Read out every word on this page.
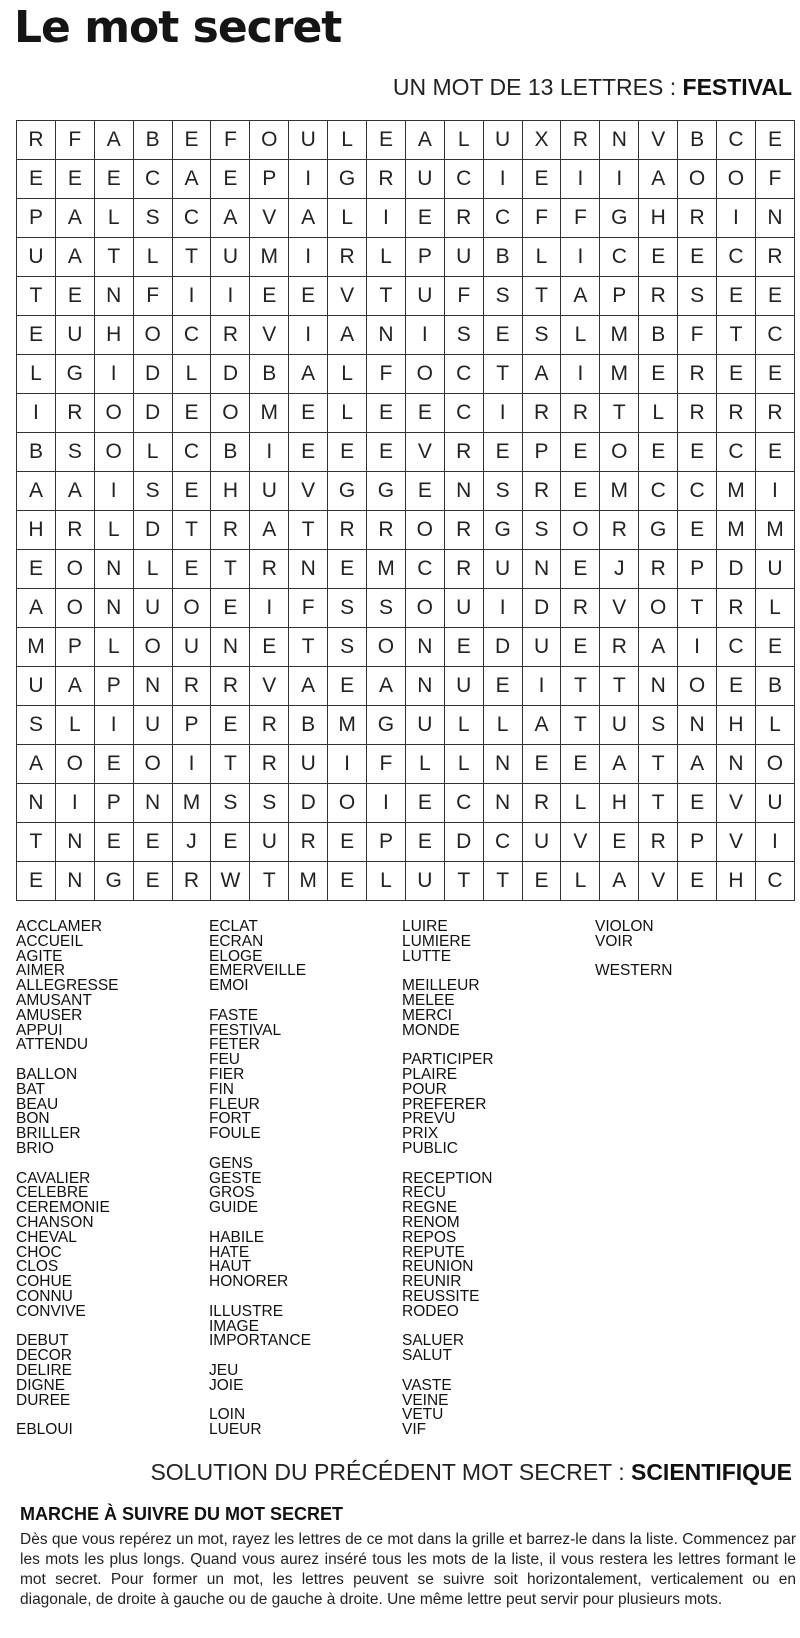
Le mot secret
UN MOT DE 13 LETTRES : FESTIVAL
R	F	A	B	E	F	O	U	L	E	A	L	U	X	R	N	V	B	C	E
E	E	E	C	A	E	P	I	G	R	U	C	I	E	I	I	A	O	O	F
P	A	L	S	C	A	V	A	L	I	E	R	C	F	F	G	H	R	I	N
U	A	T	L	T	U	M	I	R	L	P	U	B	L	I	C	E	E	C	R
T	E	N	F	I	I	E	E	V	T	U	F	S	T	A	P	R	S	E	E
E	U	H	O	C	R	V	I	A	N	I	S	E	S	L	M	B	F	T	C
L	G	I	D	L	D	B	A	L	F	O	C	T	A	I	M	E	R	E	E
I	R	O	D	E	O	M	E	L	E	E	C	I	R	R	T	L	R	R	R
B	S	O	L	C	B	I	E	E	E	V	R	E	P	E	O	E	E	C	E
A	A	I	S	E	H	U	V	G	G	E	N	S	R	E	M	C	C	M	I
H	R	L	D	T	R	A	T	R	R	O	R	G	S	O	R	G	E	M	M
E	O	N	L	E	T	R	N	E	M	C	R	U	N	E	J	R	P	D	U
A	O	N	U	O	E	I	F	S	S	O	U	I	D	R	V	O	T	R	L
M	P	L	O	U	N	E	T	S	O	N	E	D	U	E	R	A	I	C	E
U	A	P	N	R	R	V	A	E	A	N	U	E	I	T	T	N	O	E	B
S	L	I	U	P	E	R	B	M	G	U	L	L	A	T	U	S	N	H	L
A	O	E	O	I	T	R	U	I	F	L	L	N	E	E	A	T	A	N	O
N	I	P	N	M	S	S	D	O	I	E	C	N	R	L	H	T	E	V	U
T	N	E	E	J	E	U	R	E	P	E	D	C	U	V	E	R	P	V	I
E	N	G	E	R	W	T	M	E	L	U	T	T	E	L	A	V	E	H	C
ACCLAMER
ACCUEIL
AGITE
AIMER
ALLEGRESSE
AMUSANT
AMUSER
APPUI
ATTENDU
BALLON
BAT
BEAU
BON
BRILLER
BRIO
CAVALIER
CELEBRE
CEREMONIE
CHANSON
CHEVAL
CHOC
CLOS
COHUE
CONNU
CONVIVE
DEBUT
DECOR
DELIRE
DIGNE
DUREE
EBLOUI
ECLAT
ECRAN
ELOGE
EMERVEILLE
EMOI
FASTE
FESTIVAL
FETER
FEU
FIER
FIN
FLEUR
FORT
FOULE
GENS
GESTE
GROS
GUIDE
HABILE
HATE
HAUT
HONORER
ILLUSTRE
IMAGE
IMPORTANCE
JEU
JOIE
LOIN
LUEUR
LUIRE
LUMIERE
LUTTE
MEILLEUR
MELEE
MERCI
MONDE
PARTICIPER
PLAIRE
POUR
PREFERER
PREVU
PRIX
PUBLIC
RECEPTION
RECU
REGNE
RENOM
REPOS
REPUTE
REUNION
REUNIR
REUSSITE
RODEO
SALUER
SALUT
VASTE
VEINE
VETU
VIF
VIOLON
VOIR
WESTERN
SOLUTION DU PRÉCÉDENT MOT SECRET : SCIENTIFIQUE
MARCHE À SUIVRE DU MOT SECRET
Dès que vous repérez un mot, rayez les lettres de ce mot dans la grille et barrez-le dans la liste. Commencez par les mots les plus longs. Quand vous aurez inséré tous les mots de la liste, il vous restera les lettres formant le mot secret. Pour former un mot, les lettres peuvent se suivre soit horizontalement, verticalement ou en diagonale, de droite à gauche ou de gauche à droite. Une même lettre peut servir pour plusieurs mots.
